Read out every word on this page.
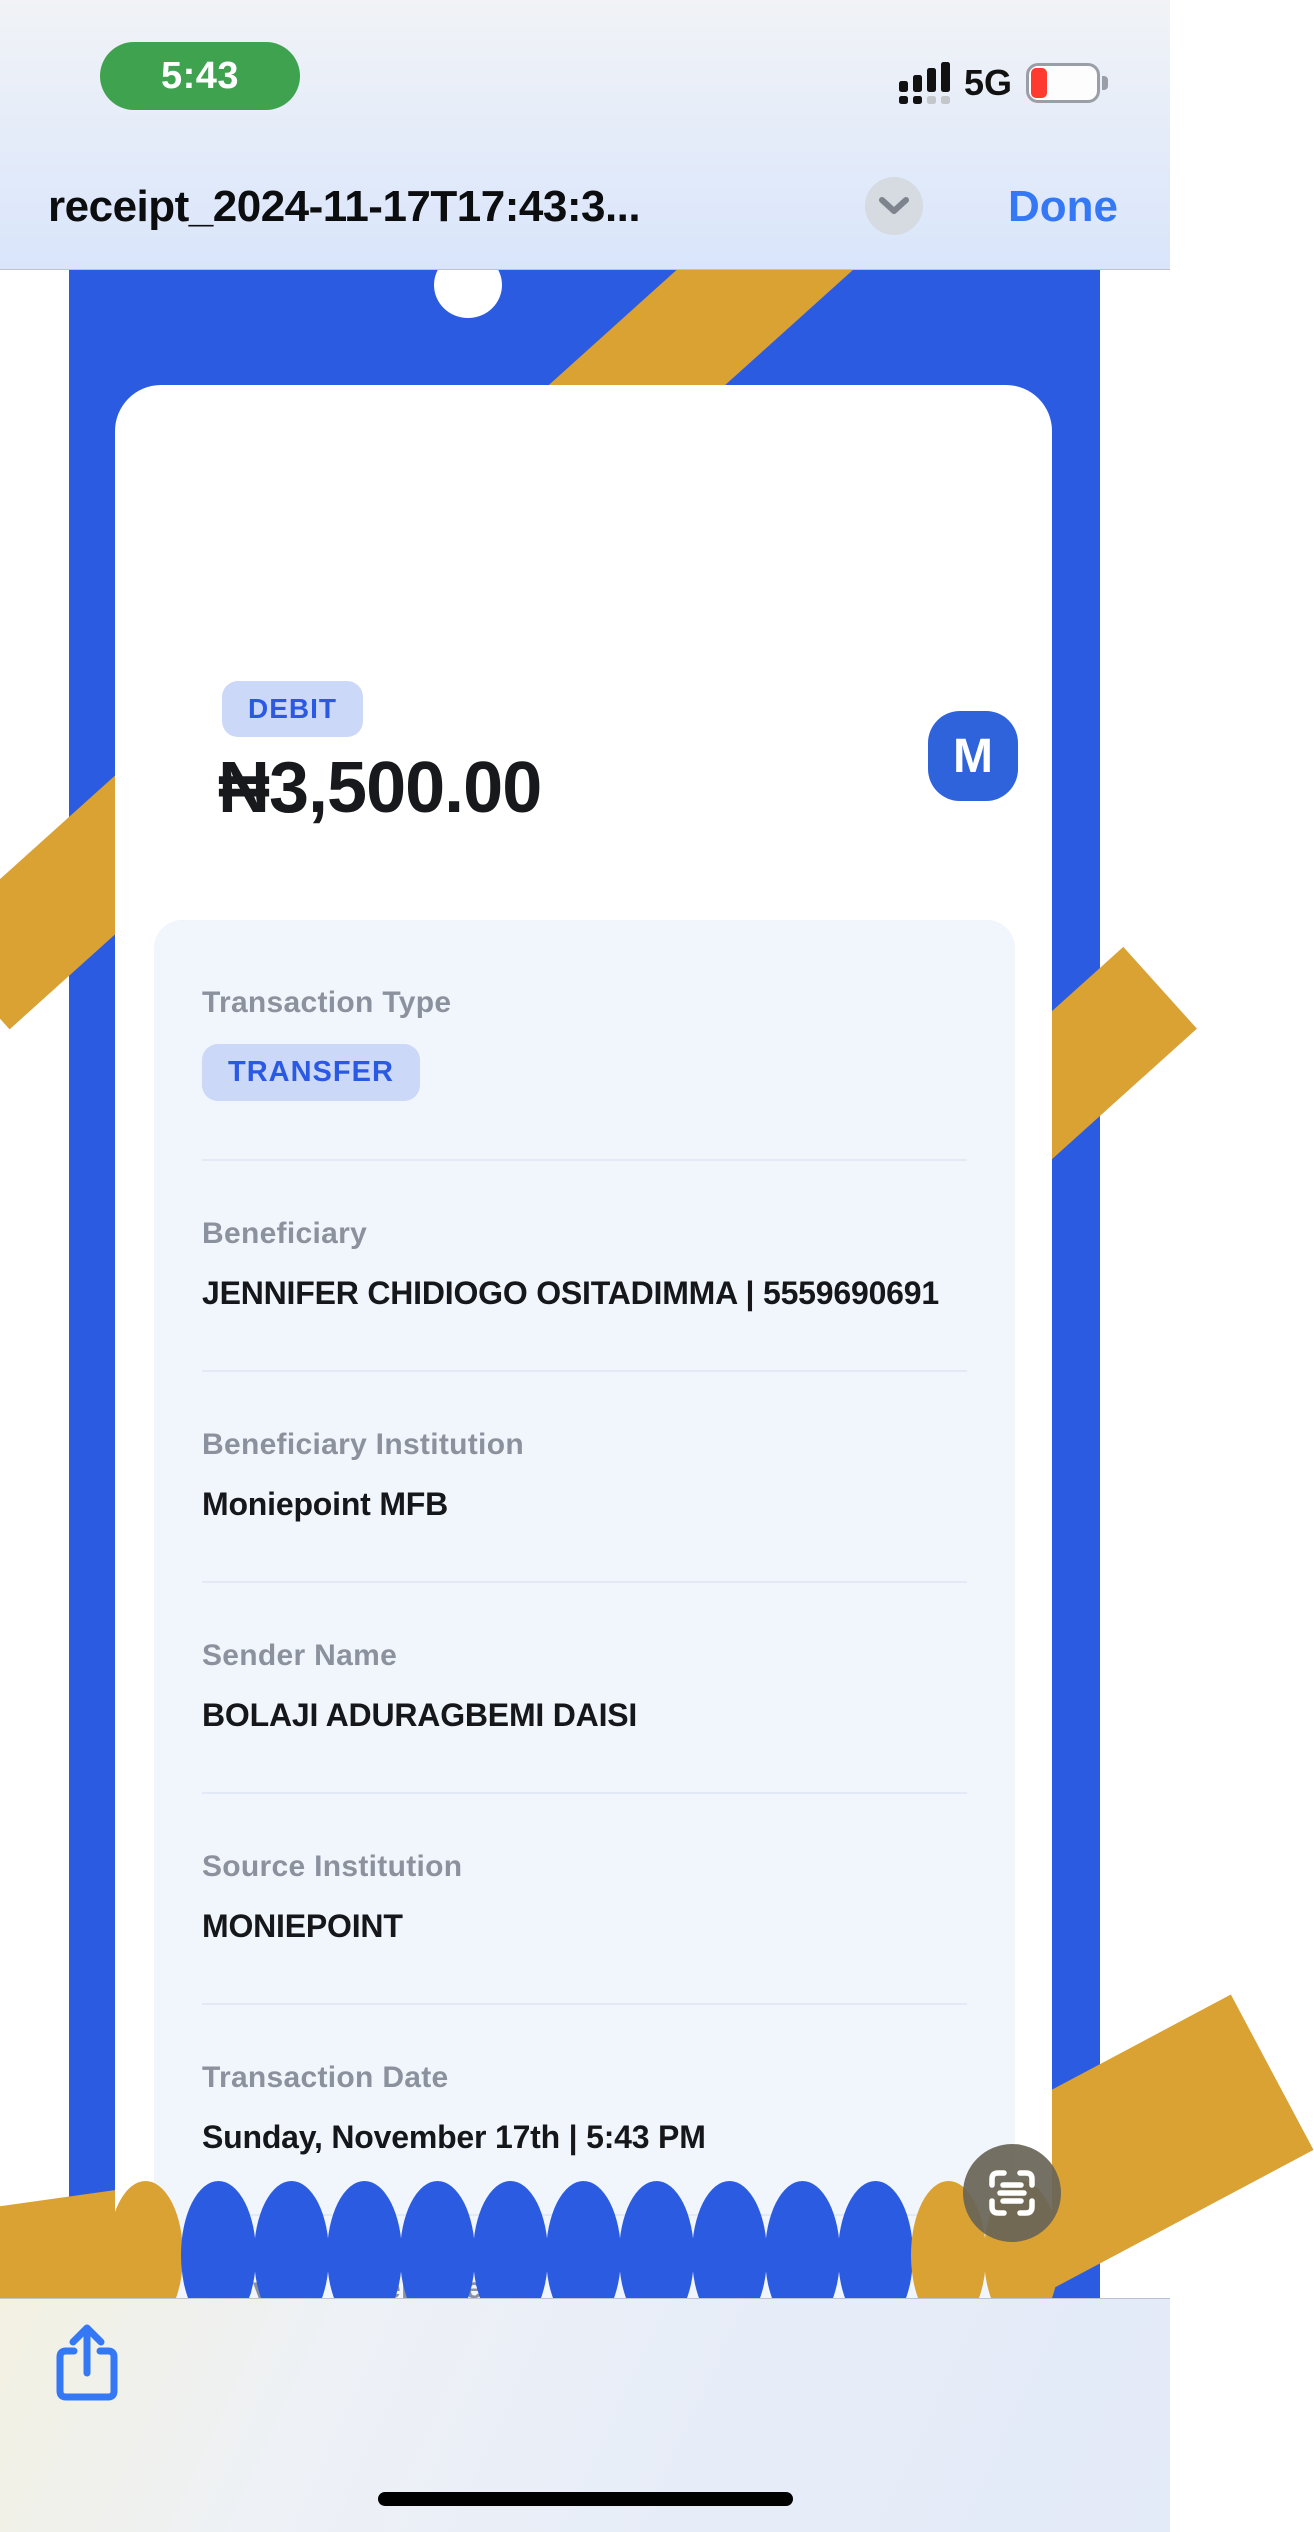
5:43	5G
receipt_2024-11-17T17:43:3...	Done
DEBIT
₦3,500.00	M
Transaction Type
TRANSFER
Beneficiary
JENNIFER CHIDIOGO OSITADIMMA | 5559690691
Beneficiary Institution
Moniepoint MFB
Sender Name
BOLAJI ADURAGBEMI DAISI
Source Institution
MONIEPOINT
Transaction Date
Sunday, November 17th | 5:43 PM
